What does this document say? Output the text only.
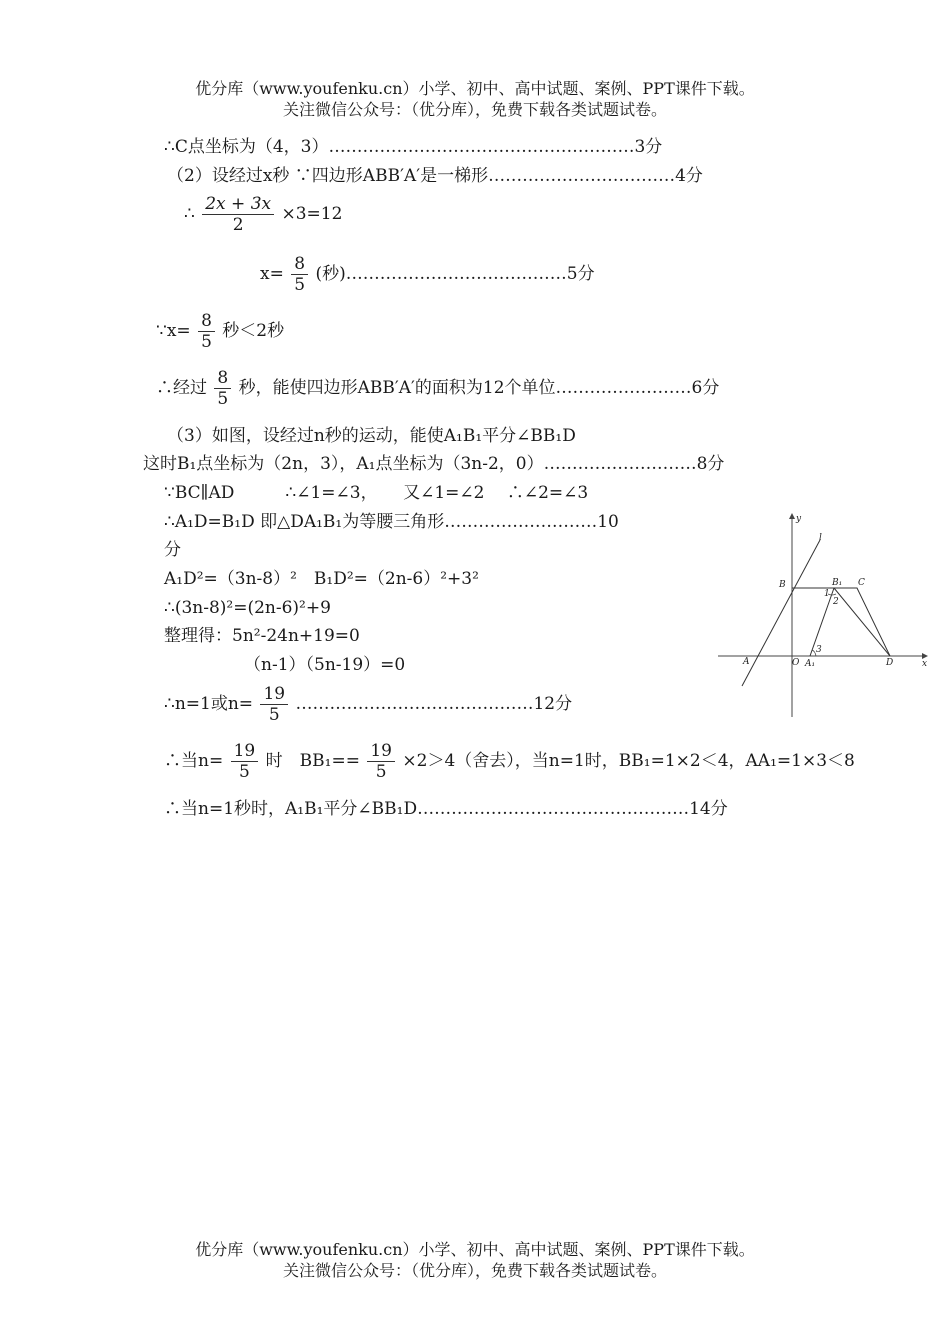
优分库（www.youfenku.cn）小学、初中、高中试题、案例、PPT课件下载。
关注微信公众号：（优分库），免费下载各类试题试卷。
∴C点坐标为（4，3）………………………………………………3分
（2）设经过x秒 ∵四边形ABB′A′是一梯形……………………………4分
∴ $\frac{2x + 3x}{2} \times 3=12$
$x= \frac{8}{5}$ (秒)…………………………………5分
∵x= $\frac{8}{5}$ 秒＜2秒
∴经过 $\frac{8}{5}$ 秒，能使四边形ABB′A′的面积为12个单位……………………6分
（3）如图，设经过n秒的运动，能使A₁B₁平分∠BB₁D
这时B₁点坐标为（2n，3），A₁点坐标为（3n-2，0）………………………8分
∵BC∥AD　　　∴∠1=∠3，　　又∠1=∠2　 ∴∠2=∠3
∴A₁D=B₁D 即△DA₁B₁为等腰三角形………………………10
分
A₁D²=（3n-8）²　B₁D²=（2n-6）²+3²
∴(3n-8)²=(2n-6)²+9
整理得：5n²-24n+19=0
（n-1）（5n-19）=0
∴n=1或$n= \frac{19}{5}$ ……………………………………12分
∴当$n= \frac{19}{5}$ 时　$BB_1== \frac{19}{5} \times 2>4$（舍去），当n=1时，BB₁=1×2＜4，AA₁=1×3＜8
∴当n=1秒时，A₁B₁平分∠BB₁D…………………………………………14分
y
l
B	B₁ C
1
2
3
A	O A₁	D	x
优分库（www.youfenku.cn）小学、初中、高中试题、案例、PPT课件下载。
关注微信公众号：（优分库），免费下载各类试题试卷。
